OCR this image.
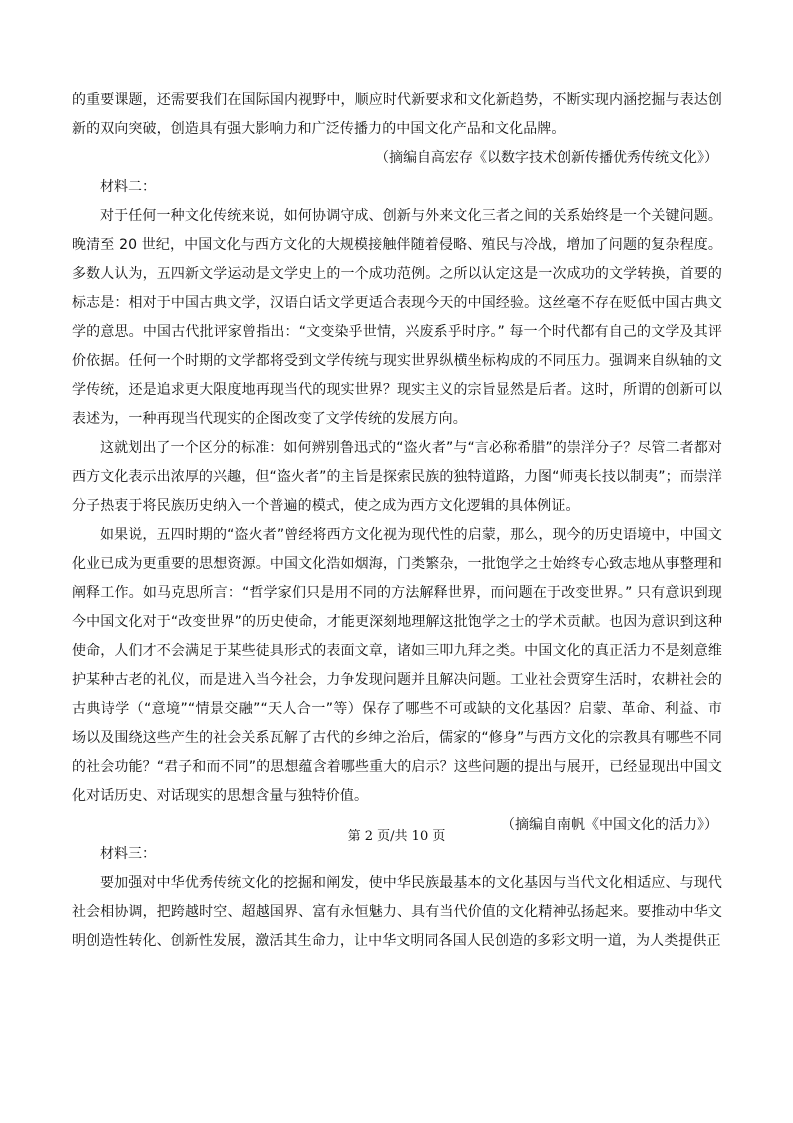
的重要课题，还需要我们在国际国内视野中，顺应时代新要求和文化新趋势，不断实现内涵挖掘与表达创新的双向突破，创造具有强大影响力和广泛传播力的中国文化产品和文化品牌。

（摘编自高宏存《以数字技术创新传播优秀传统文化》）

材料二：

对于任何一种文化传统来说，如何协调守成、创新与外来文化三者之间的关系始终是一个关键问题。晚清至 20 世纪，中国文化与西方文化的大规模接触伴随着侵略、殖民与冷战，增加了问题的复杂程度。多数人认为，五四新文学运动是文学史上的一个成功范例。之所以认定这是一次成功的文学转换，首要的标志是：相对于中国古典文学，汉语白话文学更适合表现今天的中国经验。这丝毫不存在贬低中国古典文学的意思。中国古代批评家曾指出：“文变染乎世情，兴废系乎时序。” 每一个时代都有自己的文学及其评价依据。任何一个时期的文学都将受到文学传统与现实世界纵横坐标构成的不同压力。强调来自纵轴的文学传统，还是追求更大限度地再现当代的现实世界？现实主义的宗旨显然是后者。这时，所谓的创新可以表述为，一种再现当代现实的企图改变了文学传统的发展方向。

这就划出了一个区分的标准：如何辨别鲁迅式的“盗火者”与“言必称希腊”的崇洋分子？尽管二者都对西方文化表示出浓厚的兴趣，但“盗火者”的主旨是探索民族的独特道路，力图“师夷长技以制夷”；而崇洋分子热衷于将民族历史纳入一个普遍的模式，使之成为西方文化逻辑的具体例证。

如果说，五四时期的“盗火者”曾经将西方文化视为现代性的启蒙，那么，现今的历史语境中，中国文化业已成为更重要的思想资源。中国文化浩如烟海，门类繁杂，一批饱学之士始终专心致志地从事整理和阐释工作。如马克思所言：“哲学家们只是用不同的方法解释世界，而问题在于改变世界。” 只有意识到现今中国文化对于“改变世界”的历史使命，才能更深刻地理解这批饱学之士的学术贡献。也因为意识到这种使命，人们才不会满足于某些徒具形式的表面文章，诸如三叩九拜之类。中国文化的真正活力不是刻意维护某种古老的礼仪，而是进入当今社会，力争发现问题并且解决问题。工业社会贾穿生活时，农耕社会的古典诗学（“意境”“情景交融”“天人合一”等）保存了哪些不可或缺的文化基因？启蒙、革命、利益、市场以及围绕这些产生的社会关系瓦解了古代的乡绅之治后，儒家的“修身”与西方文化的宗教具有哪些不同的社会功能？“君子和而不同”的思想蕴含着哪些重大的启示？这些问题的提出与展开，已经显现出中国文化对话历史、对话现实的思想含量与独特价值。

（摘编自南帆《中国文化的活力》）

材料三：

要加强对中华优秀传统文化的挖掘和阐发，使中华民族最基本的文化基因与当代文化相适应、与现代社会相协调，把跨越时空、超越国界、富有永恒魅力、具有当代价值的文化精神弘扬起来。要推动中华文明创造性转化、创新性发展，激活其生命力，让中华文明同各国人民创造的多彩文明一道，为人类提供正

第 2 页/共 10 页
